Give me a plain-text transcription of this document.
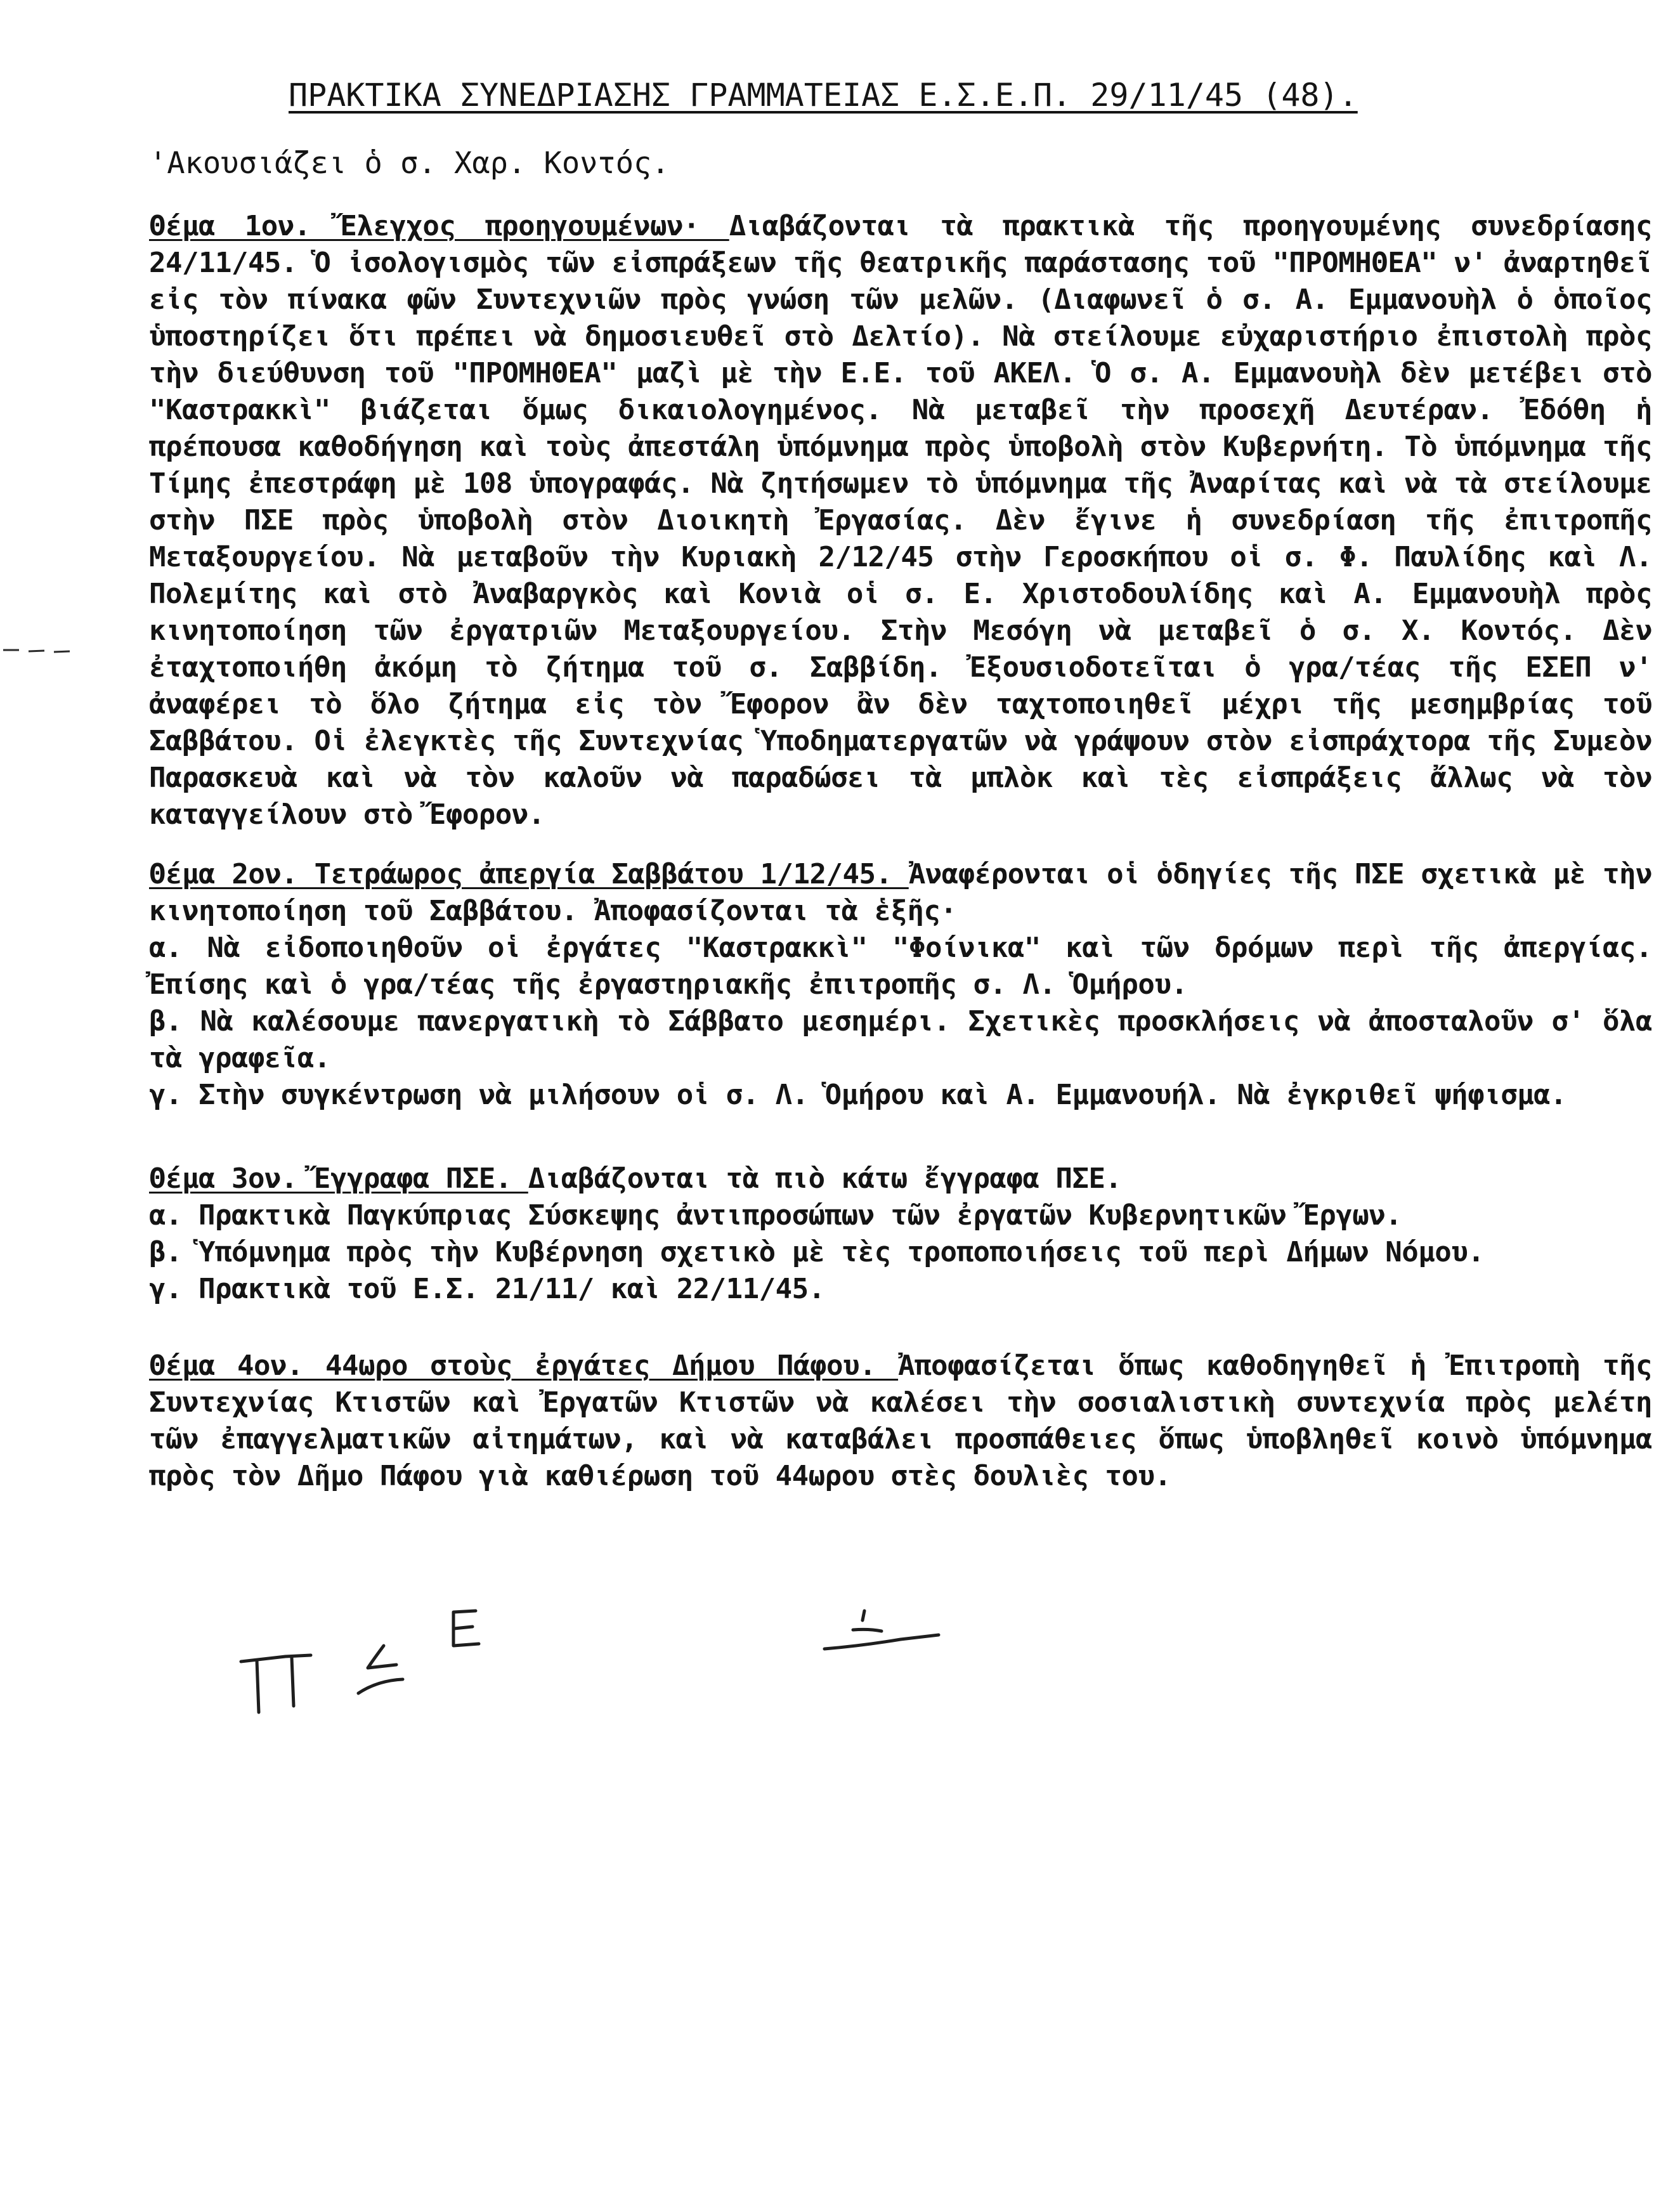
ΠΡΑΚΤΙΚΑ ΣΥΝΕΔΡΙΑΣΗΣ ΓΡΑΜΜΑΤΕΙΑΣ Ε.Σ.Ε.Π. 29/11/45 (48).
'Ακουσιάζει ὁ σ. Χαρ. Κοντός.
Θέμα 1ον. Ἔλεγχος προηγουμένων· Διαβάζονται τὰ πρακτικὰ τῆς προηγουμένης συνεδρίασης 24/11/45. Ὁ ἰσολογισμὸς τῶν εἰσπράξεων τῆς θεατρικῆς παράστασης τοῦ "ΠΡΟΜΗΘΕΑ" ν' ἀναρτηθεῖ εἰς τὸν πίνακα φῶν Συντεχνιῶν πρὸς γνώση τῶν μελῶν. (Διαφωνεῖ ὁ σ. Α. Εμμανουὴλ ὁ ὁποῖος ὑποστηρίζει ὅτι πρέπει νὰ δημοσιευθεῖ στὸ Δελτίο). Νὰ στείλουμε εὐχαριστήριο ἐπιστολὴ πρὸς τὴν διεύθυνση τοῦ "ΠΡΟΜΗΘΕΑ" μαζὶ μὲ τὴν Ε.Ε. τοῦ ΑΚΕΛ. Ὁ σ. Α. Εμμανουὴλ δὲν μετέβει στὸ "Καστρακκὶ" βιάζεται ὅμως δικαιολογημένος. Νὰ μεταβεῖ τὴν προσεχῆ Δευτέραν. Ἐδόθη ἡ πρέπουσα καθοδήγηση καὶ τοὺς ἀπεστάλη ὑπόμνημα πρὸς ὑποβολὴ στὸν Κυβερνήτη. Τὸ ὑπόμνημα τῆς Τίμης ἐπεστράφη μὲ 108 ὑπογραφάς. Νὰ ζητήσωμεν τὸ ὑπόμνημα τῆς Ἀναρίτας καὶ νὰ τὰ στείλουμε στὴν ΠΣΕ πρὸς ὑποβολὴ στὸν Διοικητὴ Ἐργασίας. Δὲν ἔγινε ἡ συνεδρίαση τῆς ἐπιτροπῆς Μεταξουργείου. Νὰ μεταβοῦν τὴν Κυριακὴ 2/12/45 στὴν Γεροσκήπου οἱ σ. Φ. Παυλίδης καὶ Λ. Πολεμίτης καὶ στὸ Ἀναβαργκὸς καὶ Κονιὰ οἱ σ. Ε. Χριστοδουλίδης καὶ Α. Εμμανουὴλ πρὸς κινητοποίηση τῶν ἐργατριῶν Μεταξουργείου. Στὴν Μεσόγη νὰ μεταβεῖ ὁ σ. Χ. Κοντός. Δὲν ἐταχτοποιήθη ἀκόμη τὸ ζήτημα τοῦ σ. Σαββίδη. Ἐξουσιοδοτεῖται ὁ γρα/τέας τῆς ΕΣΕΠ ν' ἀναφέρει τὸ ὅλο ζήτημα εἰς τὸν Ἔφορον ἂν δὲν ταχτοποιηθεῖ μέχρι τῆς μεσημβρίας τοῦ Σαββάτου. Οἱ ἐλεγκτὲς τῆς Συντεχνίας Ὑποδηματεργατῶν νὰ γράψουν στὸν εἰσπράχτορα τῆς Συμεὸν Παρασκευὰ καὶ νὰ τὸν καλοῦν νὰ παραδώσει τὰ μπλὸκ καὶ τὲς εἰσπράξεις ἄλλως νὰ τὸν καταγγείλουν στὸ Ἔφορον.
Θέμα 2ον. Τετράωρος ἀπεργία Σαββάτου 1/12/45. Ἀναφέρονται οἱ ὁδηγίες τῆς ΠΣΕ σχετικὰ μὲ τὴν κινητοποίηση τοῦ Σαββάτου. Ἀποφασίζονται τὰ ἑξῆς·
α. Νὰ εἰδοποιηθοῦν οἱ ἐργάτες "Καστρακκὶ" "Φοίνικα" καὶ τῶν δρόμων περὶ τῆς ἀπεργίας. Ἐπίσης καὶ ὁ γρα/τέας τῆς ἐργαστηριακῆς ἐπιτροπῆς σ. Λ. Ὁμήρου.
β. Νὰ καλέσουμε πανεργατικὴ τὸ Σάββατο μεσημέρι. Σχετικὲς προσκλήσεις νὰ ἀποσταλοῦν σ' ὅλα τὰ γραφεῖα.
γ. Στὴν συγκέντρωση νὰ μιλήσουν οἱ σ. Λ. Ὁμήρου καὶ Α. Εμμανουήλ. Νὰ ἐγκριθεῖ ψήφισμα.
Θέμα 3ον. Ἔγγραφα ΠΣΕ. Διαβάζονται τὰ πιὸ κάτω ἔγγραφα ΠΣΕ.
α. Πρακτικὰ Παγκύπριας Σύσκεψης ἀντιπροσώπων τῶν ἐργατῶν Κυβερνητικῶν Ἔργων.
β. Ὑπόμνημα πρὸς τὴν Κυβέρνηση σχετικὸ μὲ τὲς τροποποιήσεις τοῦ περὶ Δήμων Νόμου.
γ. Πρακτικὰ τοῦ Ε.Σ. 21/11/ καὶ 22/11/45.
Θέμα 4ον. 44ωρο στοὺς ἐργάτες Δήμου Πάφου. Ἀποφασίζεται ὅπως καθοδηγηθεῖ ἡ Ἐπιτροπὴ τῆς Συντεχνίας Κτιστῶν καὶ Ἐργατῶν Κτιστῶν νὰ καλέσει τὴν σοσιαλιστικὴ συντεχνία πρὸς μελέτη τῶν ἐπαγγελματικῶν αἰτημάτων, καὶ νὰ καταβάλει προσπάθειες ὅπως ὑποβληθεῖ κοινὸ ὑπόμνημα πρὸς τὸν Δῆμο Πάφου γιὰ καθιέρωση τοῦ 44ωρου στὲς δουλιὲς του.
